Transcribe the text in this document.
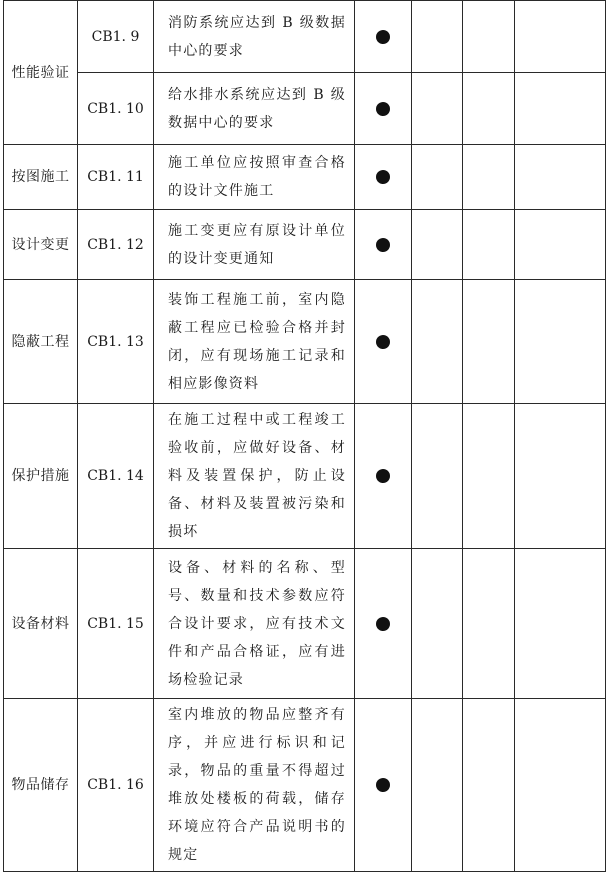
性能验证	CB1. 9	消防系统应达到 B 级数据中心的要求				
	CB1. 10	给水排水系统应达到 B 级数据中心的要求				
按图施工	CB1. 11	施工单位应按照审查合格的设计文件施工				
设计变更	CB1. 12	施工变更应有原设计单位的设计变更通知				
隐蔽工程	CB1. 13	装饰工程施工前，室内隐蔽工程应已检验合格并封闭，应有现场施工记录和相应影像资料				
保护措施	CB1. 14	在施工过程中或工程竣工验收前，应做好设备、材料及装置保护，防止设备、材料及装置被污染和损坏				
设备材料	CB1. 15	设备、材料的名称、型号、数量和技术参数应符合设计要求，应有技术文件和产品合格证，应有进场检验记录				
物品储存	CB1. 16	室内堆放的物品应整齐有序，并应进行标识和记录，物品的重量不得超过堆放处楼板的荷载，储存环境应符合产品说明书的规定				
